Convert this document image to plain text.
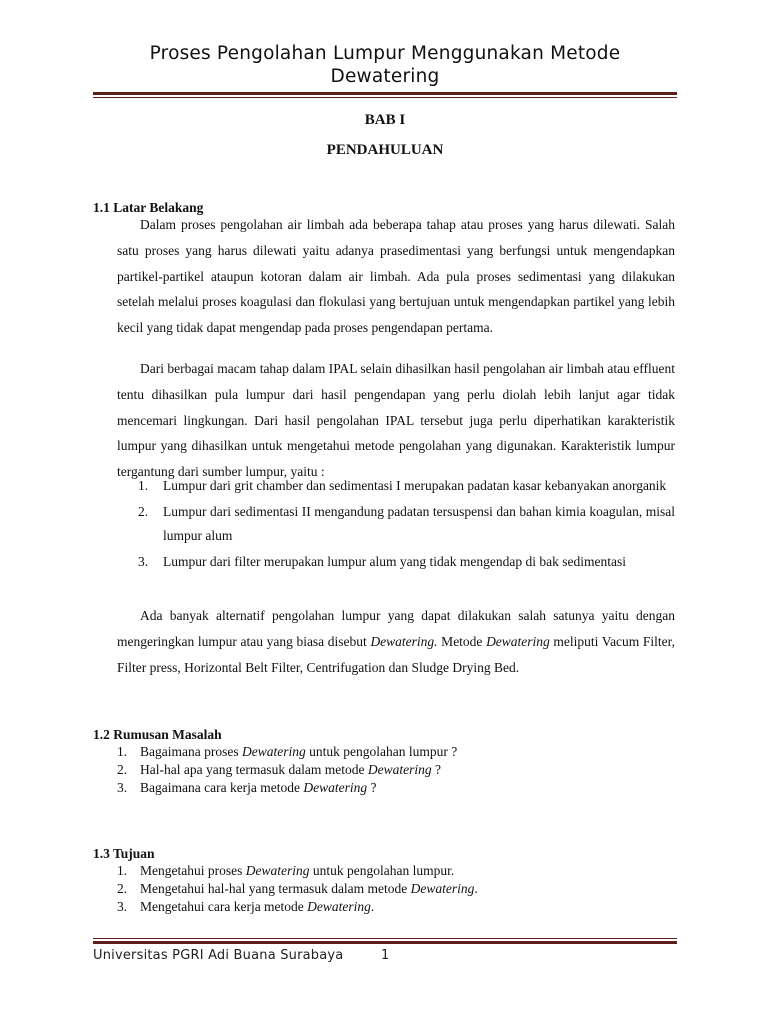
Proses Pengolahan Lumpur Menggunakan Metode
Dewatering
BAB I
PENDAHULUAN
1.1 Latar Belakang
Dalam proses pengolahan air limbah ada beberapa tahap atau proses yang harus dilewati. Salah satu proses yang harus dilewati yaitu adanya prasedimentasi yang berfungsi untuk mengendapkan partikel-partikel ataupun kotoran dalam air limbah. Ada pula proses sedimentasi yang dilakukan setelah melalui proses koagulasi dan flokulasi yang bertujuan untuk mengendapkan partikel yang lebih kecil yang tidak dapat mengendap pada proses pengendapan pertama.
Dari berbagai macam tahap dalam IPAL selain dihasilkan hasil pengolahan air limbah atau effluent tentu dihasilkan pula lumpur dari hasil pengendapan yang perlu diolah lebih lanjut agar tidak mencemari lingkungan. Dari hasil pengolahan IPAL tersebut juga perlu diperhatikan karakteristik lumpur yang dihasilkan untuk mengetahui metode pengolahan yang digunakan. Karakteristik lumpur tergantung dari sumber lumpur, yaitu :
1. Lumpur dari grit chamber dan sedimentasi I merupakan padatan kasar kebanyakan anorganik
2. Lumpur dari sedimentasi II mengandung padatan tersuspensi dan bahan kimia koagulan, misal lumpur alum
3. Lumpur dari filter merupakan lumpur alum yang tidak mengendap di bak sedimentasi
Ada banyak alternatif pengolahan lumpur yang dapat dilakukan salah satunya yaitu dengan mengeringkan lumpur atau yang biasa disebut Dewatering. Metode Dewatering meliputi Vacum Filter, Filter press, Horizontal Belt Filter, Centrifugation dan Sludge Drying Bed.
1.2 Rumusan Masalah
1. Bagaimana proses Dewatering untuk pengolahan lumpur ?
2. Hal-hal apa yang termasuk dalam metode Dewatering ?
3. Bagaimana cara kerja metode Dewatering ?
1.3 Tujuan
1. Mengetahui proses Dewatering untuk pengolahan lumpur.
2. Mengetahui hal-hal yang termasuk dalam metode Dewatering.
3. Mengetahui cara kerja metode Dewatering.
Universitas PGRI Adi Buana Surabaya	1
